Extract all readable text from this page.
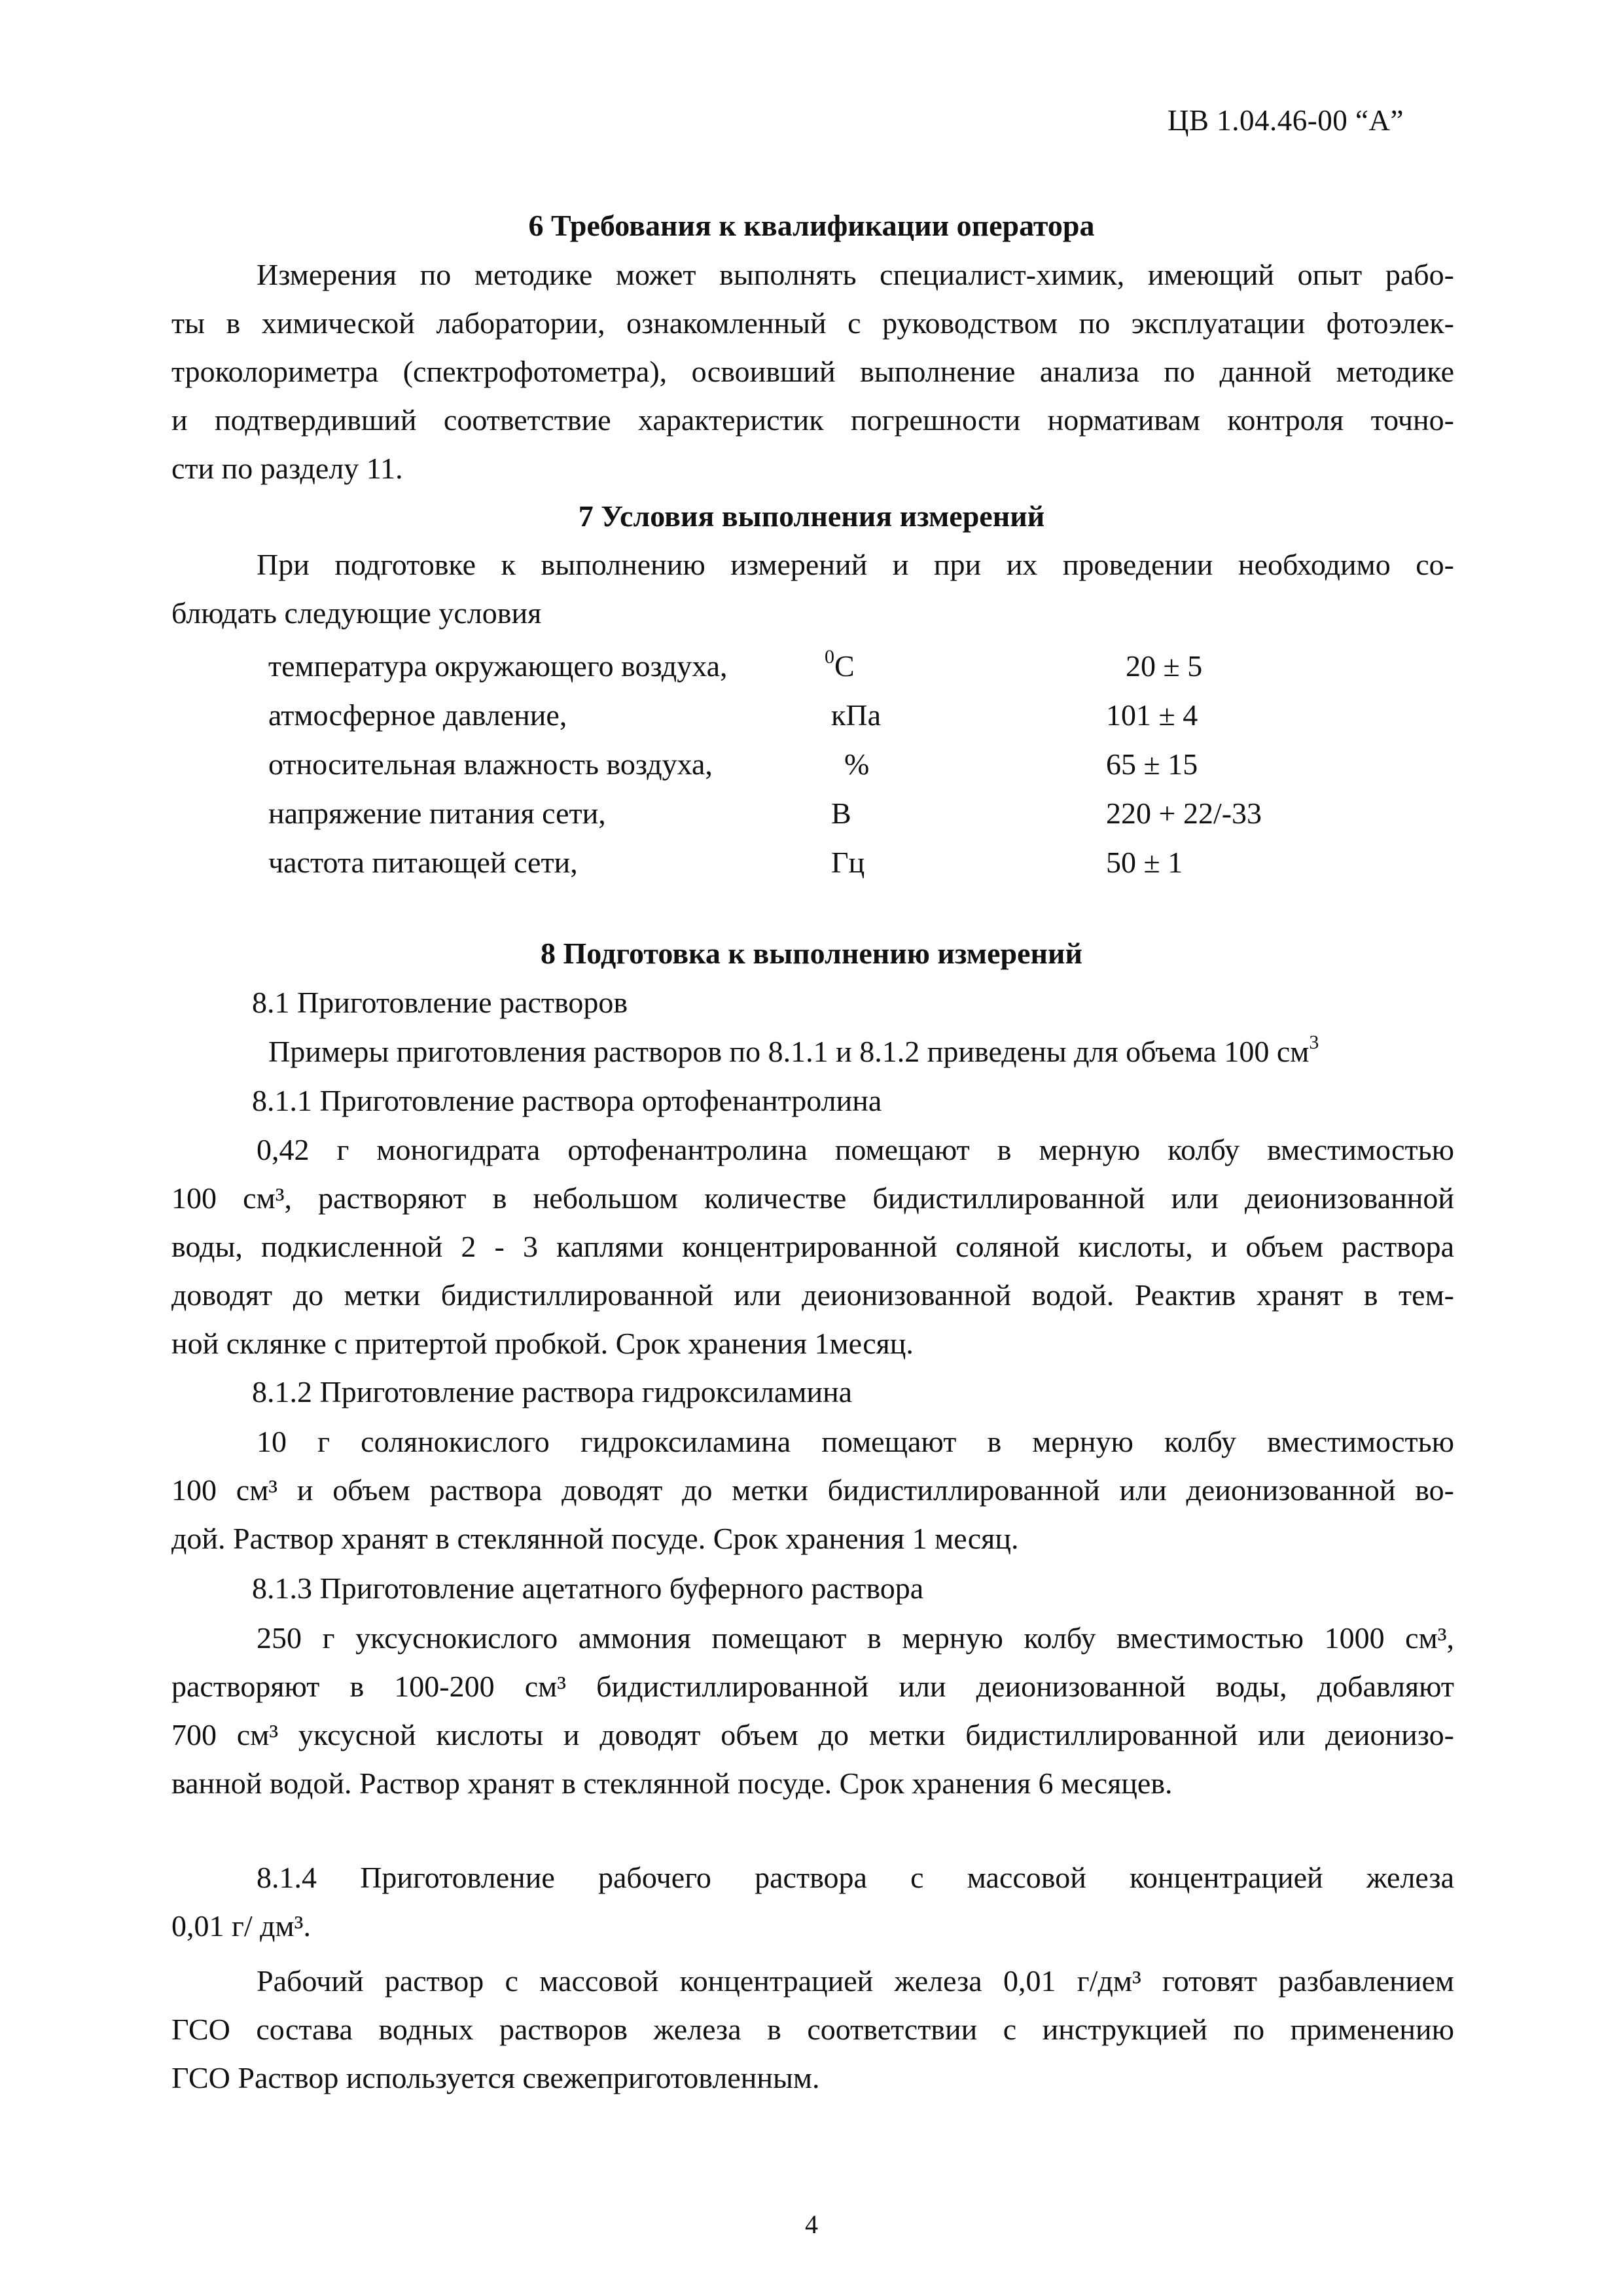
ЦВ 1.04.46-00 “А”
6 Требования к квалификации оператора
Измерения по методике может выполнять специалист-химик, имеющий опыт рабо-
ты в химической лаборатории, ознакомленный с руководством по эксплуатации фотоэлек-
троколориметра (спектрофотометра), освоивший выполнение анализа по данной методике
и подтвердивший соответствие характеристик погрешности нормативам контроля точно-
сти по разделу 11.
7 Условия выполнения измерений
При подготовке к выполнению измерений и при их проведении необходимо со-
блюдать следующие условия
температура окружающего воздуха,	$^0$C	20 ± 5
атмосферное давление,	кПа	101 ± 4
относительная влажность воздуха,	%	65 ± 15
напряжение питания сети,	В	220 + 22/-33
частота питающей сети,	Гц	50 ± 1
8 Подготовка к выполнению измерений
8.1 Приготовление растворов
Примеры приготовления растворов по 8.1.1 и 8.1.2 приведены для объема 100 $см^3$
8.1.1 Приготовление раствора ортофенантролина
0,42 г моногидрата ортофенантролина помещают в мерную колбу вместимостью
100 см³, растворяют в небольшом количестве бидистиллированной или деионизованной
воды, подкисленной 2 - 3 каплями концентрированной соляной кислоты, и объем раствора
доводят до метки бидистиллированной или деионизованной водой. Реактив хранят в тем-
ной склянке с притертой пробкой. Срок хранения 1месяц.
8.1.2 Приготовление раствора гидроксиламина
10 г солянокислого гидроксиламина помещают в мерную колбу вместимостью
100 см³ и объем раствора доводят до метки бидистиллированной или деионизованной во-
дой. Раствор хранят в стеклянной посуде. Срок хранения 1 месяц.
8.1.3 Приготовление ацетатного буферного раствора
250 г уксуснокислого аммония помещают в мерную колбу вместимостью 1000 см³,
растворяют в 100-200 см³ бидистиллированной или деионизованной воды, добавляют
700 см³ уксусной кислоты и доводят объем до метки бидистиллированной или деионизо-
ванной водой. Раствор хранят в стеклянной посуде. Срок хранения 6 месяцев.
8.1.4 Приготовление рабочего раствора с массовой концентрацией железа
0,01 г/ дм³.
Рабочий раствор с массовой концентрацией железа 0,01 г/дм³ готовят разбавлением
ГСО состава водных растворов железа в соответствии с инструкцией по применению
ГСО Раствор используется свежеприготовленным.
4
